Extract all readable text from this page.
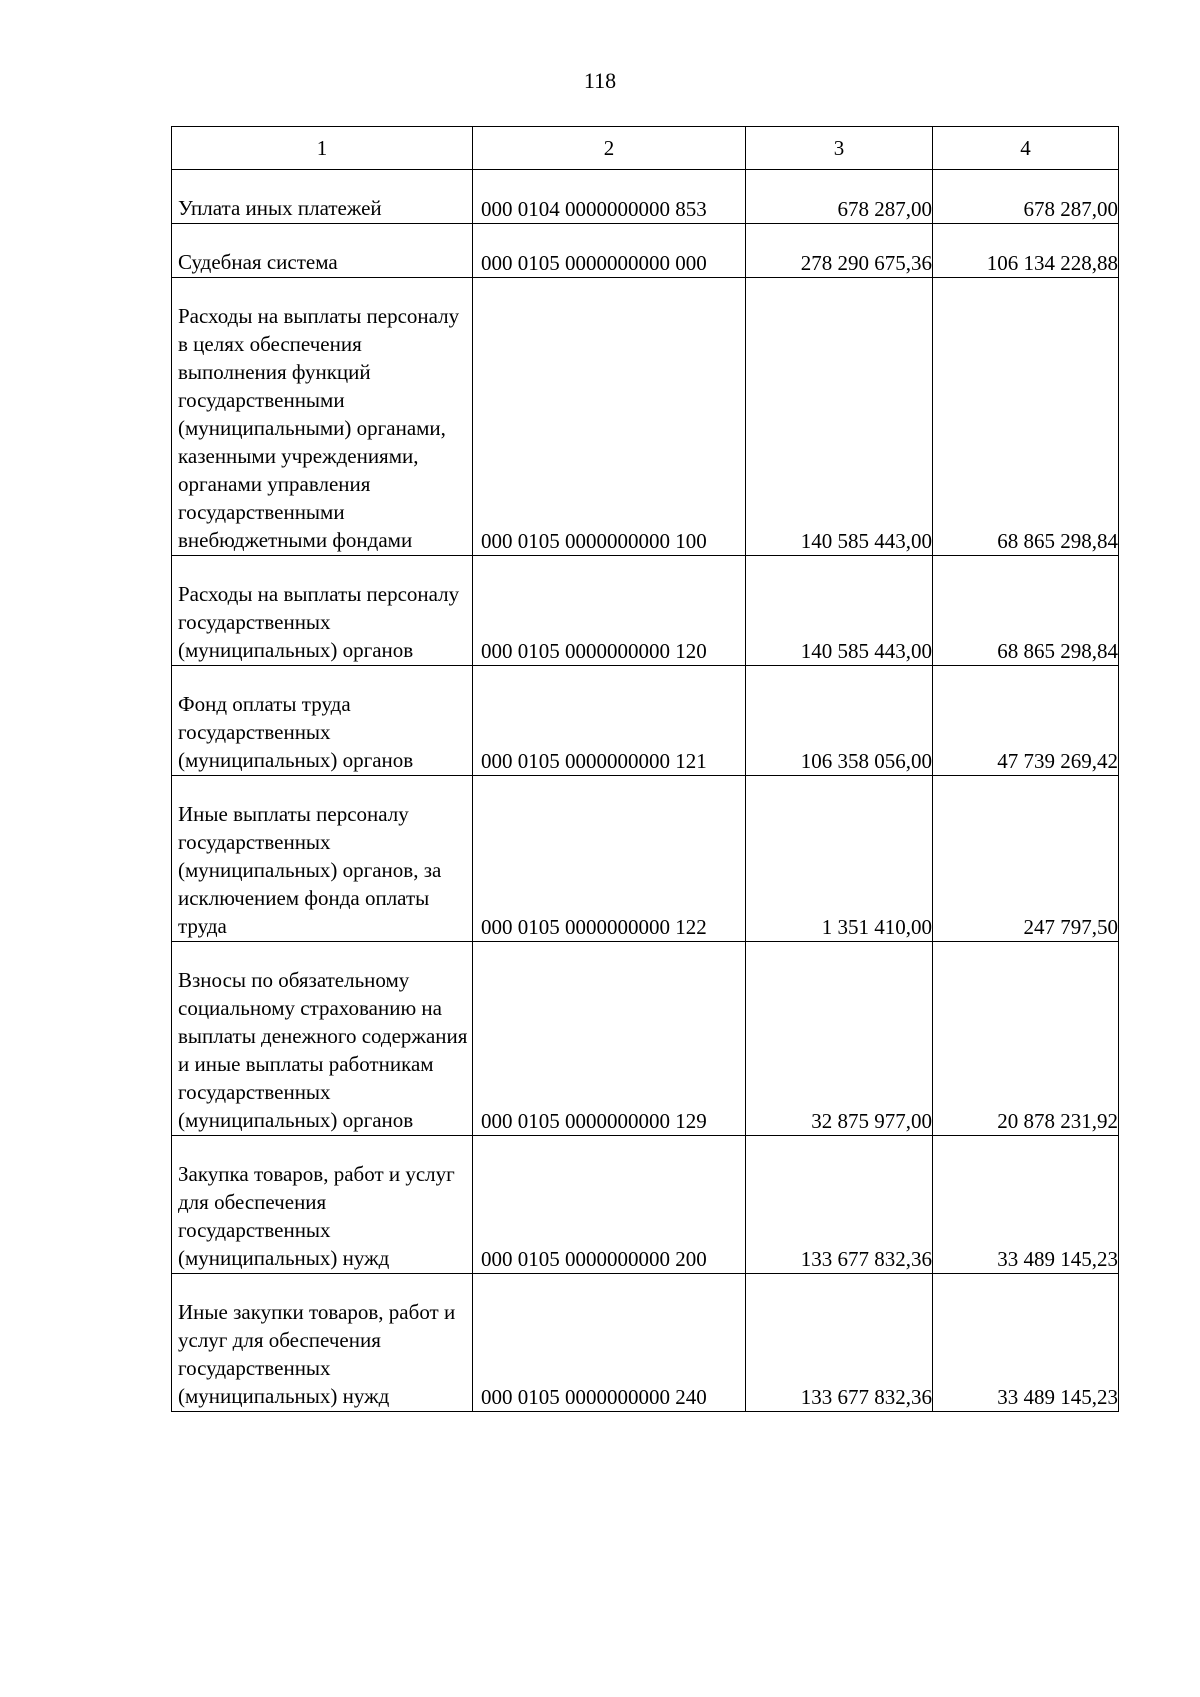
118
1	2	3	4
Уплата иных платежей	000 0104 0000000000 853	678 287,00	678 287,00
Судебная система	000 0105 0000000000 000	278 290 675,36	106 134 228,88
Расходы на выплаты персоналу в целях обеспечения выполнения функций государственными (муниципальными) органами, казенными учреждениями, органами управления государственными внебюджетными фондами	000 0105 0000000000 100	140 585 443,00	68 865 298,84
Расходы на выплаты персоналу государственных (муниципальных) органов	000 0105 0000000000 120	140 585 443,00	68 865 298,84
Фонд оплаты труда государственных (муниципальных) органов	000 0105 0000000000 121	106 358 056,00	47 739 269,42
Иные выплаты персоналу государственных (муниципальных) органов, за исключением фонда оплаты труда	000 0105 0000000000 122	1 351 410,00	247 797,50
Взносы по обязательному социальному страхованию на выплаты денежного содержания и иные выплаты работникам государственных (муниципальных) органов	000 0105 0000000000 129	32 875 977,00	20 878 231,92
Закупка товаров, работ и услуг для обеспечения государственных (муниципальных) нужд	000 0105 0000000000 200	133 677 832,36	33 489 145,23
Иные закупки товаров, работ и услуг для обеспечения государственных (муниципальных) нужд	000 0105 0000000000 240	133 677 832,36	33 489 145,23
